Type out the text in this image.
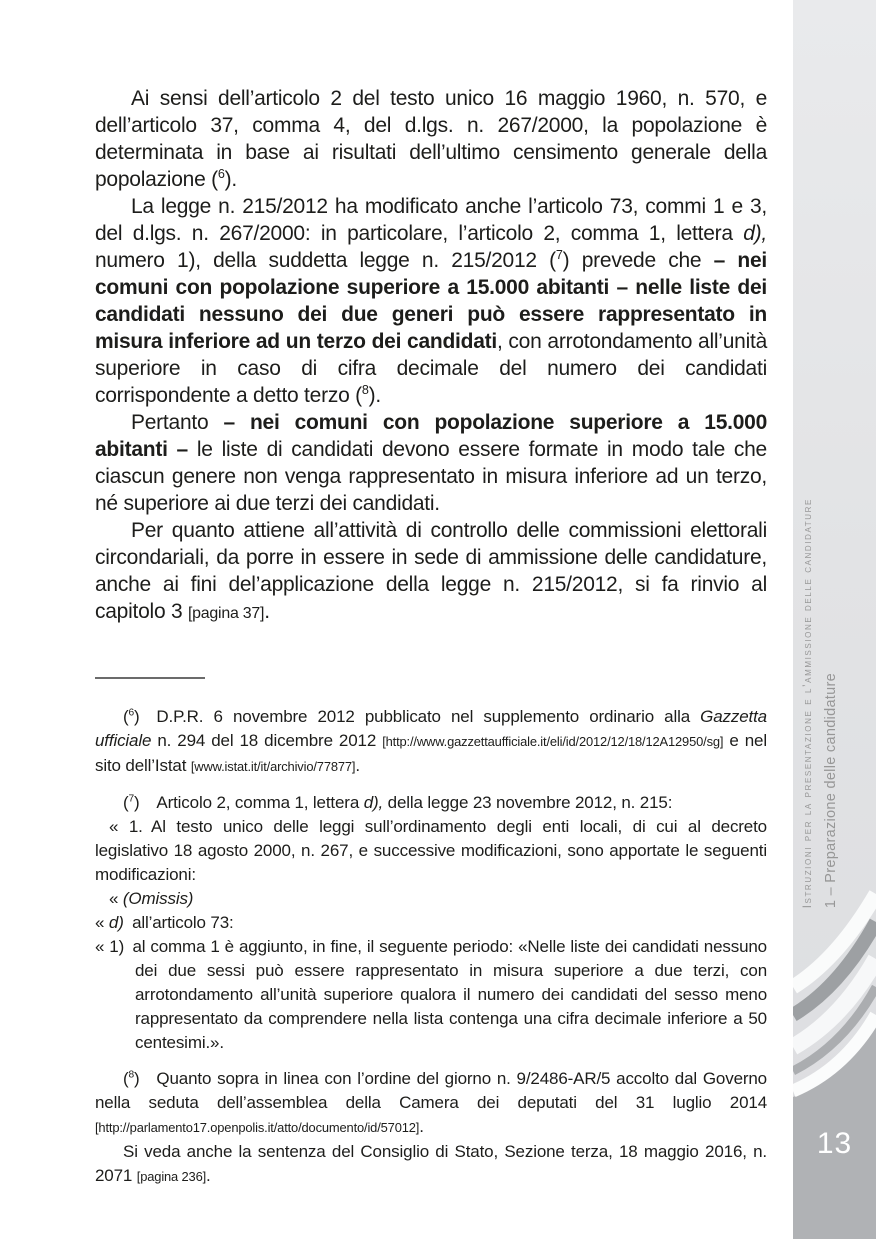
Ai sensi dell’articolo 2 del testo unico 16 maggio 1960, n. 570, e dell’articolo 37, comma 4, del d.lgs. n. 267/2000, la popolazione è determinata in base ai risultati dell’ultimo censimento generale della popolazione ($^6$).

La legge n. 215/2012 ha modificato anche l’articolo 73, commi 1 e 3, del d.lgs. n. 267/2000: in particolare, l’articolo 2, comma 1, lettera d), numero 1), della suddetta legge n. 215/2012 ($^7$) prevede che – nei comuni con popolazione superiore a 15.000 abitanti – nelle liste dei candidati nessuno dei due generi può essere rappresentato in misura inferiore ad un terzo dei candidati, con arrotondamento all’unità superiore in caso di cifra decimale del numero dei candidati corrispondente a detto terzo ($^8$).

Pertanto – nei comuni con popolazione superiore a 15.000 abitanti – le liste di candidati devono essere formate in modo tale che ciascun genere non venga rappresentato in misura inferiore ad un terzo, né superiore ai due terzi dei candidati.

Per quanto attiene all’attività di controllo delle commissioni elettorali circondariali, da porre in essere in sede di ammissione delle candidature, anche ai fini del’applicazione della legge n. 215/2012, si fa rinvio al capitolo 3 [pagina 37].

($^6$) D.P.R. 6 novembre 2012 pubblicato nel supplemento ordinario alla Gazzetta ufficiale n. 294 del 18 dicembre 2012 [http://www.gazzettaufficiale.it/eli/id/2012/12/18/12A12950/sg] e nel sito dell’Istat [www.istat.it/it/archivio/77877].

($^7$) Articolo 2, comma 1, lettera d), della legge 23 novembre 2012, n. 215:

« 1. Al testo unico delle leggi sull’ordinamento degli enti locali, di cui al decreto legislativo 18 agosto 2000, n. 267, e successive modificazioni, sono apportate le seguenti modificazioni:

« (Omissis)

« d) all’articolo 73:

« 1) al comma 1 è aggiunto, in fine, il seguente periodo: «Nelle liste dei candidati nessuno dei due sessi può essere rappresentato in misura superiore a due terzi, con arrotondamento all’unità superiore qualora il numero dei candidati del sesso meno rappresentato da comprendere nella lista contenga una cifra decimale inferiore a 50 centesimi.».

($^8$) Quanto sopra in linea con l’ordine del giorno n. 9/2486-AR/5 accolto dal Governo nella seduta dell’assemblea della Camera dei deputati del 31 luglio 2014 [http://parlamento17.openpolis.it/atto/documento/id/57012].

Si veda anche la sentenza del Consiglio di Stato, Sezione terza, 18 maggio 2016, n. 2071 [pagina 236].

Istruzioni per la presentazione e l’ammissione delle candidature 1 – Preparazione delle candidature
13
